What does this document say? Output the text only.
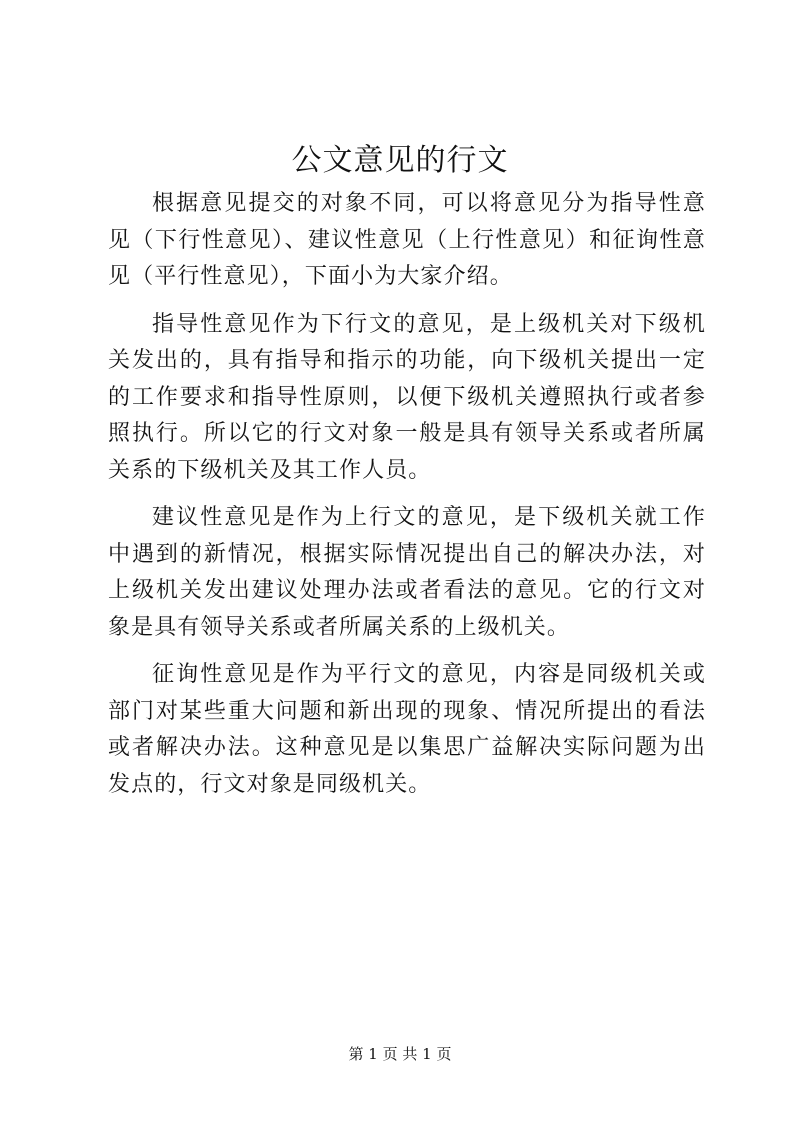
公文意见的行文

根据意见提交的对象不同，可以将意见分为指导性意见（下行性意见）、建议性意见（上行性意见）和征询性意见（平行性意见），下面小为大家介绍。

指导性意见作为下行文的意见，是上级机关对下级机关发出的，具有指导和指示的功能，向下级机关提出一定的工作要求和指导性原则，以便下级机关遵照执行或者参照执行。所以它的行文对象一般是具有领导关系或者所属关系的下级机关及其工作人员。

建议性意见是作为上行文的意见，是下级机关就工作中遇到的新情况，根据实际情况提出自己的解决办法，对上级机关发出建议处理办法或者看法的意见。它的行文对象是具有领导关系或者所属关系的上级机关。

征询性意见是作为平行文的意见，内容是同级机关或部门对某些重大问题和新出现的现象、情况所提出的看法或者解决办法。这种意见是以集思广益解决实际问题为出发点的，行文对象是同级机关。

第 1 页 共 1 页
